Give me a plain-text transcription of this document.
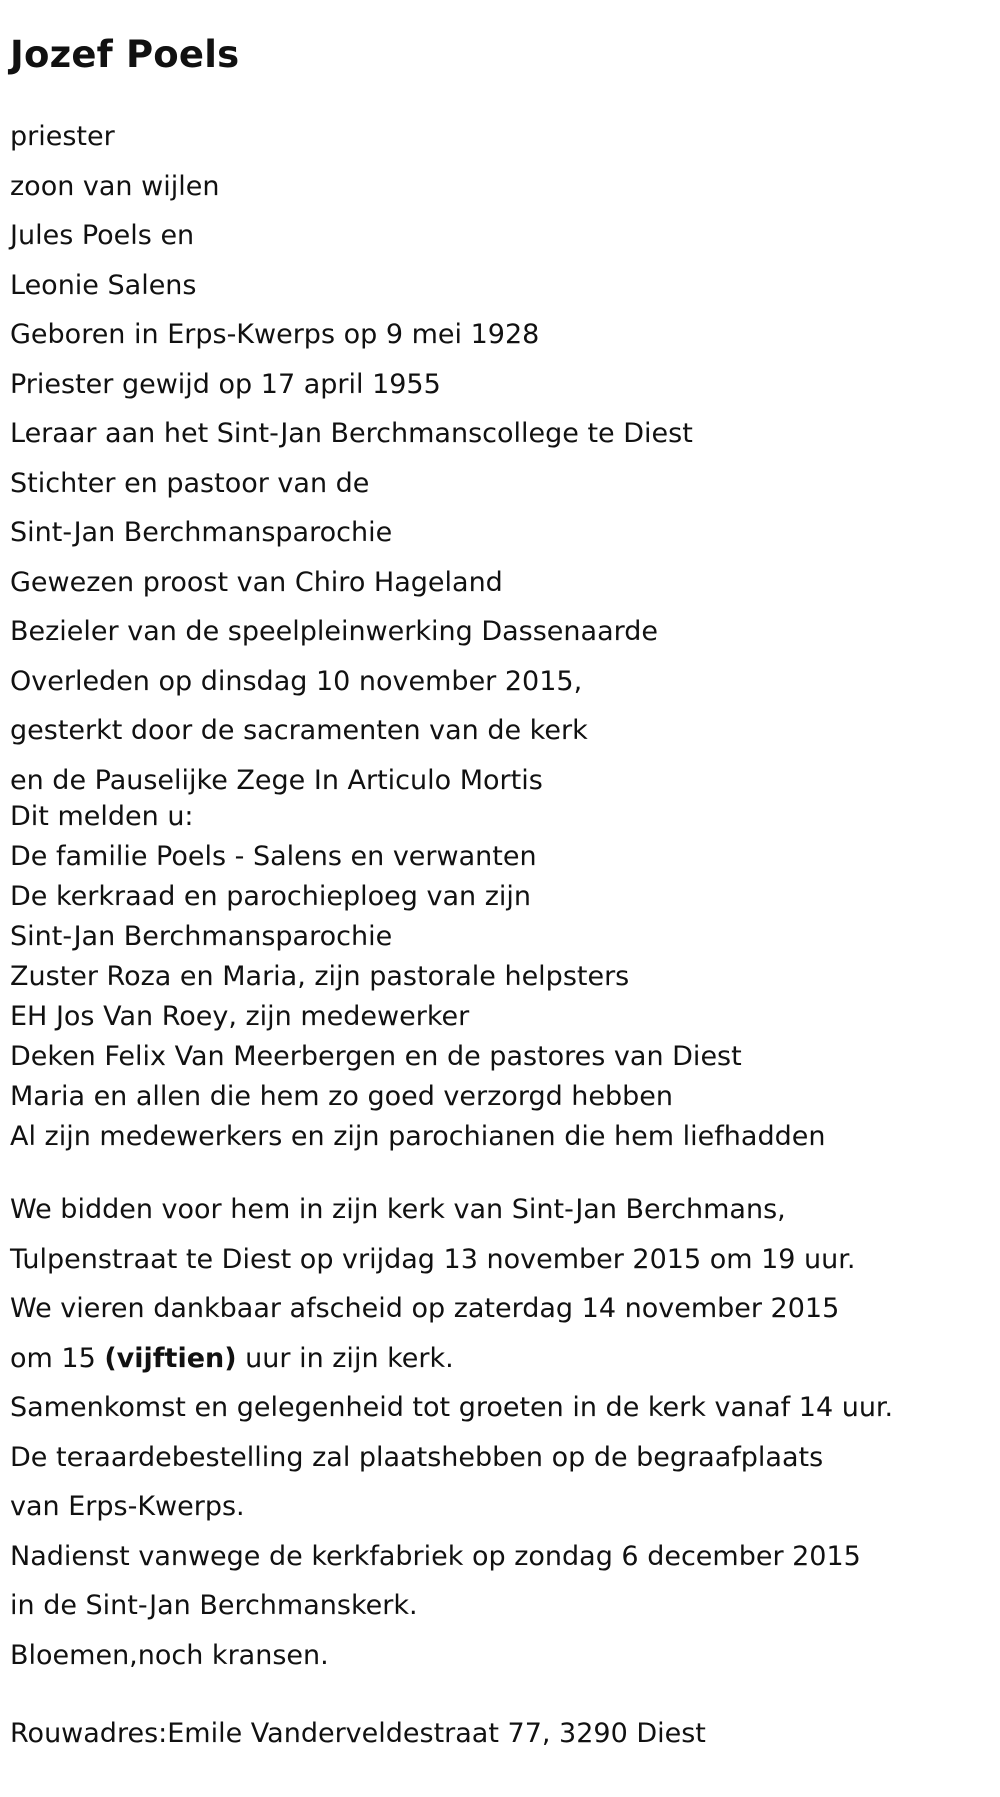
Jozef Poels
priester
zoon van wijlen
Jules Poels en
Leonie Salens
Geboren in Erps-Kwerps op 9 mei 1928
Priester gewijd op 17 april 1955
Leraar aan het Sint-Jan Berchmanscollege te Diest
Stichter en pastoor van de
Sint-Jan Berchmansparochie
Gewezen proost van Chiro Hageland
Bezieler van de speelpleinwerking Dassenaarde
Overleden op dinsdag 10 november 2015,
gesterkt door de sacramenten van de kerk
en de Pauselijke Zege In Articulo Mortis
Dit melden u:
De familie Poels - Salens en verwanten
De kerkraad en parochieploeg van zijn
Sint-Jan Berchmansparochie
Zuster Roza en Maria, zijn pastorale helpsters
EH Jos Van Roey, zijn medewerker
Deken Felix Van Meerbergen en de pastores van Diest
Maria en allen die hem zo goed verzorgd hebben
Al zijn medewerkers en zijn parochianen die hem liefhadden
We bidden voor hem in zijn kerk van Sint-Jan Berchmans,
Tulpenstraat te Diest op vrijdag 13 november 2015 om 19 uur.
We vieren dankbaar afscheid op zaterdag 14 november 2015
om 15 (vijftien) uur in zijn kerk.
Samenkomst en gelegenheid tot groeten in de kerk vanaf 14 uur.
De teraardebestelling zal plaatshebben op de begraafplaats
van Erps-Kwerps.
Nadienst vanwege de kerkfabriek op zondag 6 december 2015
in de Sint-Jan Berchmanskerk.
Bloemen,noch kransen.
Rouwadres:Emile Vanderveldestraat 77, 3290 Diest
